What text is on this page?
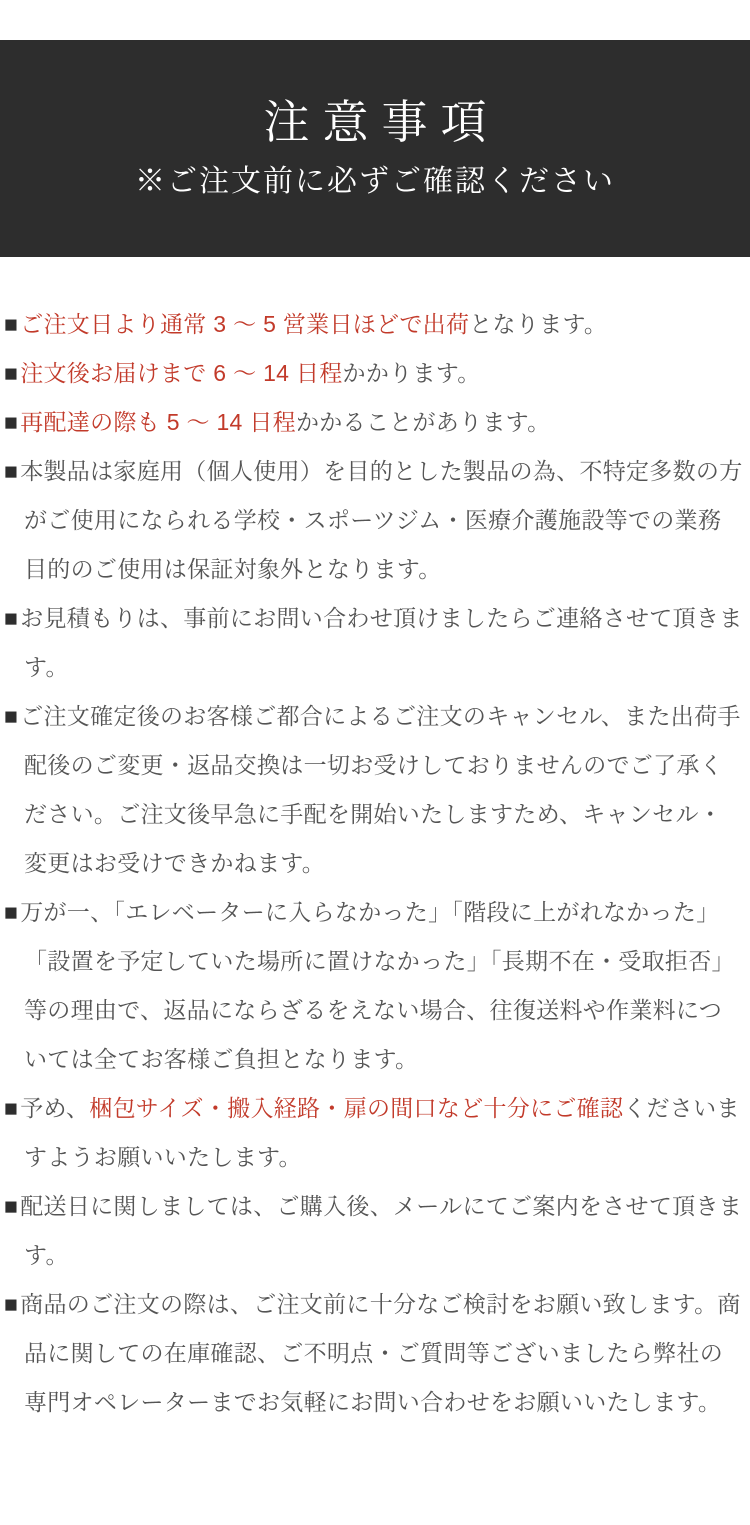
注意事項
※ご注文前に必ずご確認ください

■ご注文日より通常 3 ～ 5 営業日ほどで出荷となります。

■注文後お届けまで 6 ～ 14 日程かかります。

■再配達の際も 5 ～ 14 日程かかることがあります。

■本製品は家庭用（個人使用）を目的とした製品の為、不特定多数の方がご使用になられる学校・スポーツジム・医療介護施設等での業務目的のご使用は保証対象外となります。

■お見積もりは、事前にお問い合わせ頂けましたらご連絡させて頂きます。

■ご注文確定後のお客様ご都合によるご注文のキャンセル、また出荷手配後のご変更・返品交換は一切お受けしておりませんのでご了承ください。ご注文後早急に手配を開始いたしますため、キャンセル・変更はお受けできかねます。

■万が一、「エレベーターに入らなかった」「階段に上がれなかった」「設置を予定していた場所に置けなかった」「長期不在・受取拒否」等の理由で、返品にならざるをえない場合、往復送料や作業料については全てお客様ご負担となります。

■予め、梱包サイズ・搬入経路・扉の間口など十分にご確認くださいますようお願いいたします。

■配送日に関しましては、ご購入後、メールにてご案内をさせて頂きます。

■商品のご注文の際は、ご注文前に十分なご検討をお願い致します。商品に関しての在庫確認、ご不明点・ご質問等ございましたら弊社の専門オペレーターまでお気軽にお問い合わせをお願いいたします。
